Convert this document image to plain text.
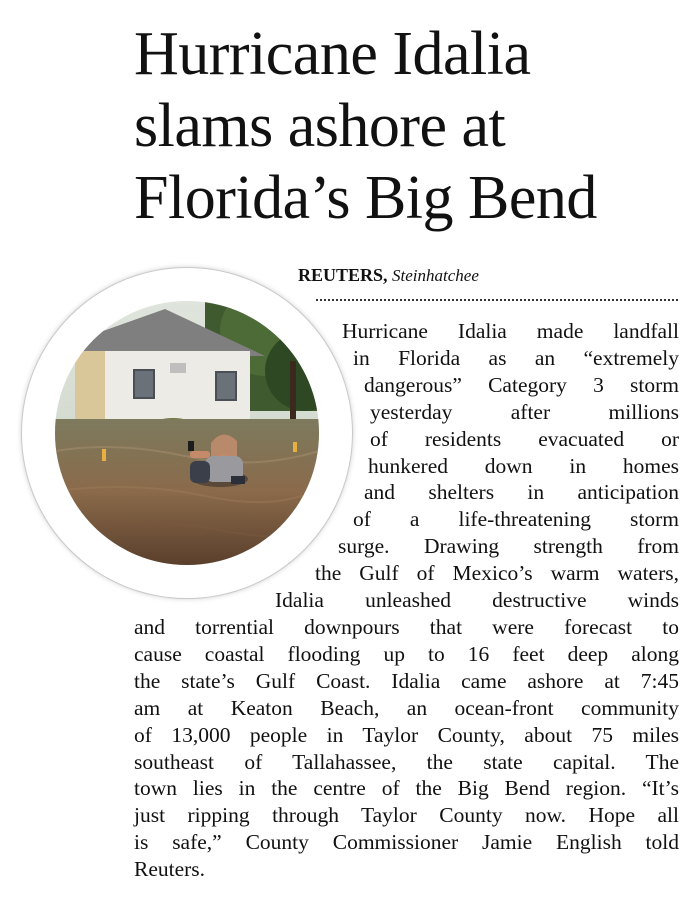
Hurricane Idalia
slams ashore at
Florida’s Big Bend
REUTERS, Steinhatchee
Hurricane Idalia made landfall
in Florida as an “extremely
dangerous” Category 3 storm
yesterday after millions
of residents evacuated or
hunkered down in homes
and shelters in anticipation
of a life-threatening storm
surge. Drawing strength from
the Gulf of Mexico’s warm waters,
Idalia unleashed destructive winds
and torrential downpours that were forecast to
cause coastal flooding up to 16 feet deep along
the state’s Gulf Coast. Idalia came ashore at 7:45
am at Keaton Beach, an ocean-front community
of 13,000 people in Taylor County, about 75 miles
southeast of Tallahassee, the state capital. The
town lies in the centre of the Big Bend region. “It’s
just ripping through Taylor County now. Hope all
is safe,” County Commissioner Jamie English told
Reuters.
